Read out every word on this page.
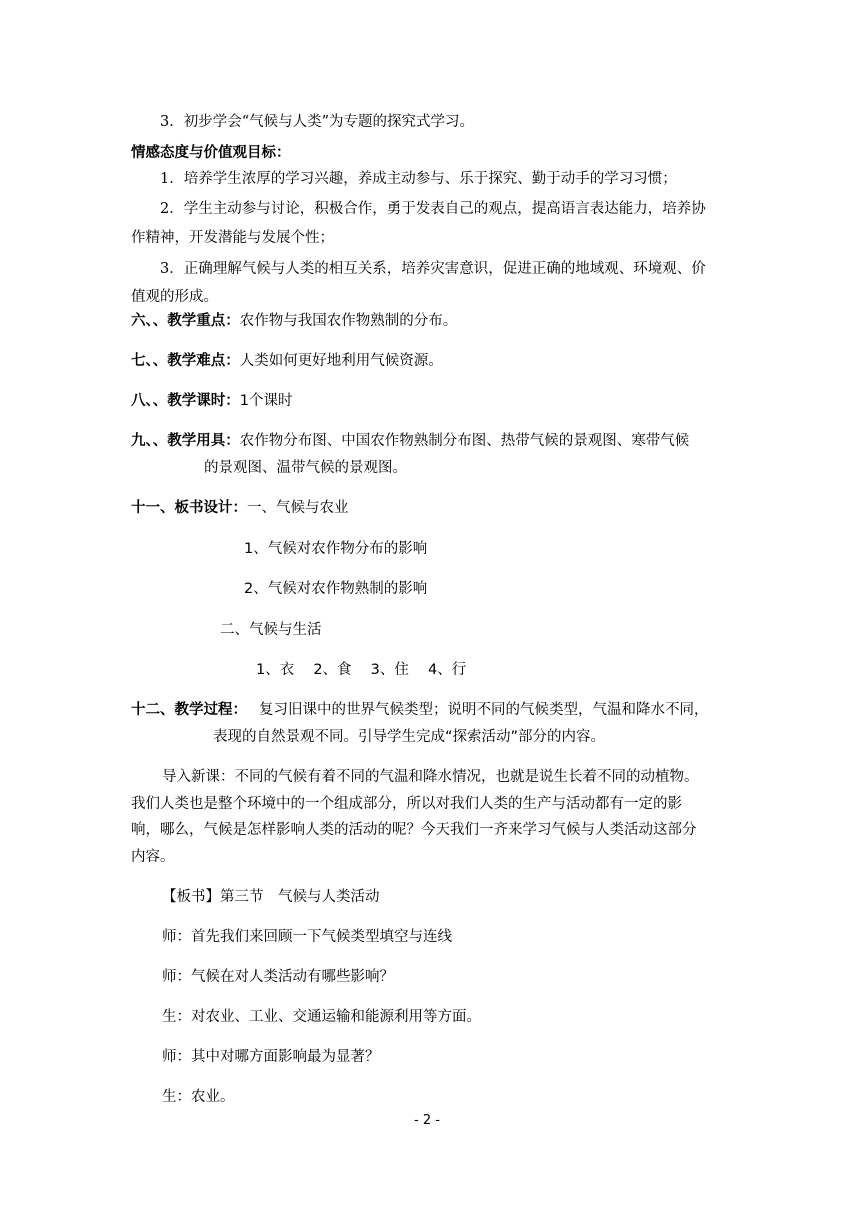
3．初步学会“气候与人类”为专题的探究式学习。
情感态度与价值观目标：
1．培养学生浓厚的学习兴趣，养成主动参与、乐于探究、勤于动手的学习习惯；
2．学生主动参与讨论，积极合作，勇于发表自己的观点，提高语言表达能力，培养协
作精神，开发潜能与发展个性；
3．正确理解气候与人类的相互关系，培养灾害意识，促进正确的地域观、环境观、价
值观的形成。
六、、教学重点：农作物与我国农作物熟制的分布。
七、、教学难点：人类如何更好地利用气候资源。
八、、教学课时：1个课时
九、、教学用具：农作物分布图、中国农作物熟制分布图、热带气候的景观图、寒带气候
的景观图、温带气候的景观图。
十一、板书设计：一、气候与农业
1、气候对农作物分布的影响
2、气候对农作物熟制的影响
二、气候与生活
1、衣　 2、食　 3、住　 4、行
十二、教学过程： 复习旧课中的世界气候类型；说明不同的气候类型，气温和降水不同，
表现的自然景观不同。引导学生完成“探索活动”部分的内容。
导入新课：不同的气候有着不同的气温和降水情况，也就是说生长着不同的动植物。
我们人类也是整个环境中的一个组成部分，所以对我们人类的生产与活动都有一定的影
响，哪么，气候是怎样影响人类的活动的呢？今天我们一齐来学习气候与人类活动这部分
内容。
【板书】第三节　气候与人类活动
师：首先我们来回顾一下气候类型填空与连线
师：气候在对人类活动有哪些影响？
生：对农业、工业、交通运输和能源利用等方面。
师：其中对哪方面影响最为显著？
生：农业。
- 2 -
